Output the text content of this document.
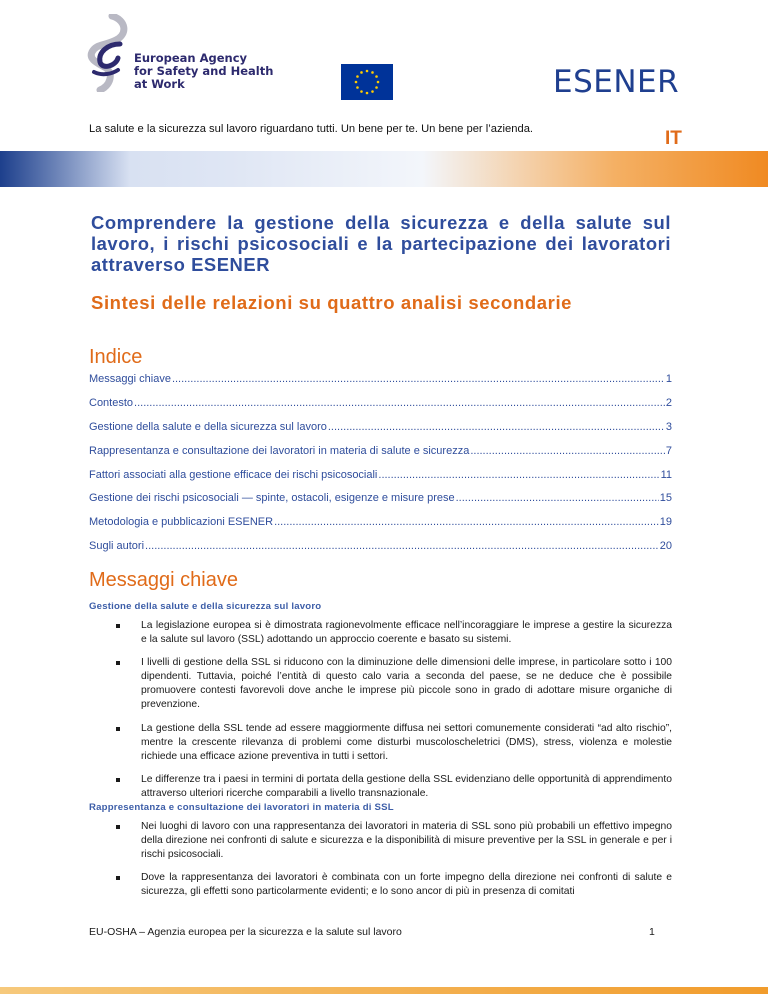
European Agency
for Safety and Health
at Work	ESENER
La salute e la sicurezza sul lavoro riguardano tutti. Un bene per te. Un bene per l’azienda.	IT
Comprendere la gestione della sicurezza e della salute sul lavoro, i rischi psicosociali e la partecipazione dei lavoratori attraverso ESENER
Sintesi delle relazioni su quattro analisi secondarie
Indice
Messaggi chiave .....	1
Contesto .....	2
Gestione della salute e della sicurezza sul lavoro .....	3
Rappresentanza e consultazione dei lavoratori in materia di salute e sicurezza .....	7
Fattori associati alla gestione efficace dei rischi psicosociali .....	11
Gestione dei rischi psicosociali — spinte, ostacoli, esigenze e misure prese .....	15
Metodologia e pubblicazioni ESENER .....	19
Sugli autori .....	20
Messaggi chiave
Gestione della salute e della sicurezza sul lavoro
La legislazione europea si è dimostrata ragionevolmente efficace nell’incoraggiare le imprese a gestire la sicurezza e la salute sul lavoro (SSL) adottando un approccio coerente e basato su sistemi.
I livelli di gestione della SSL si riducono con la diminuzione delle dimensioni delle imprese, in particolare sotto i 100 dipendenti. Tuttavia, poiché l’entità di questo calo varia a seconda del paese, se ne deduce che è possibile promuovere contesti favorevoli dove anche le imprese più piccole sono in grado di adottare misure organiche di prevenzione.
La gestione della SSL tende ad essere maggiormente diffusa nei settori comunemente considerati “ad alto rischio”, mentre la crescente rilevanza di problemi come disturbi muscoloscheletrici (DMS), stress, violenza e molestie richiede una efficace azione preventiva in tutti i settori.
Le differenze tra i paesi in termini di portata della gestione della SSL evidenziano delle opportunità di apprendimento attraverso ulteriori ricerche comparabili a livello transnazionale.
Rappresentanza e consultazione dei lavoratori in materia di SSL
Nei luoghi di lavoro con una rappresentanza dei lavoratori in materia di SSL sono più probabili un effettivo impegno della direzione nei confronti di salute e sicurezza e la disponibilità di misure preventive per la SSL in generale e per i rischi psicosociali.
Dove la rappresentanza dei lavoratori è combinata con un forte impegno della direzione nei confronti di salute e sicurezza, gli effetti sono particolarmente evidenti; e lo sono ancor di più in presenza di comitati
EU-OSHA – Agenzia europea per la sicurezza e la salute sul lavoro	1
